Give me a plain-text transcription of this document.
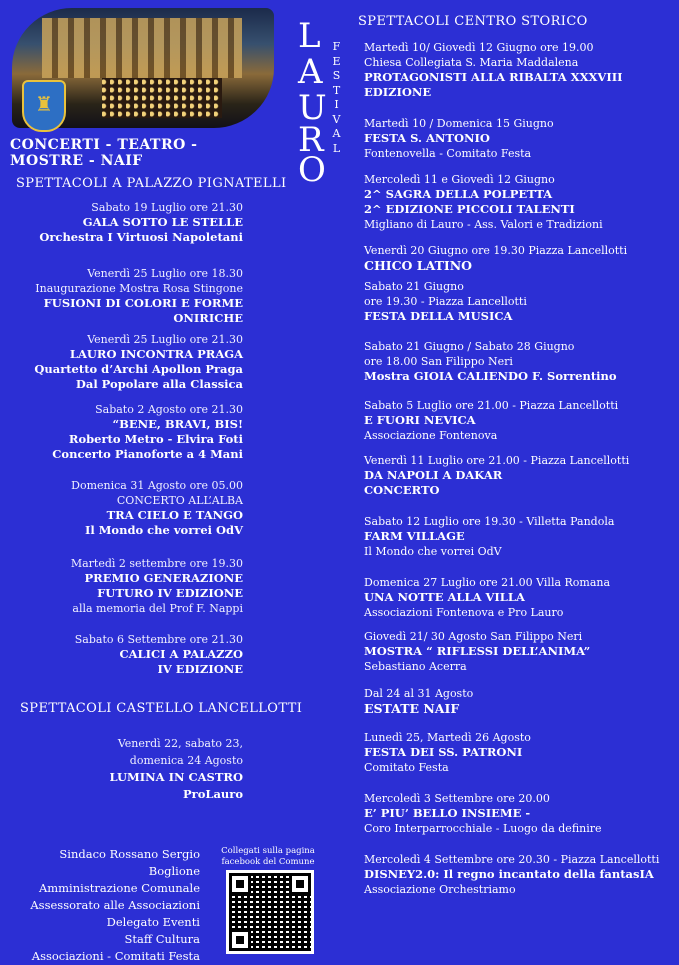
♜
CONCERTI - TEATRO - MOSTRE - NAIF
L
A
U
R
O
F
E
S
T
I
V
A
L
SPETTACOLI A PALAZZO PIGNATELLI
SPETTACOLI CASTELLO LANCELLOTTI
SPETTACOLI CENTRO STORICO
Sabato 19 Luglio ore 21.30
GALA SOTTO LE STELLE
Orchestra I Virtuosi Napoletani
Venerdì 25 Luglio ore 18.30
Inaugurazione Mostra Rosa Stingone
FUSIONI DI COLORI E FORME
ONIRICHE
Venerdì 25 Luglio ore 21.30
LAURO INCONTRA PRAGA
Quartetto d’Archi Apollon Praga
Dal Popolare alla Classica
Sabato 2 Agosto ore 21.30
“BENE, BRAVI, BIS!
Roberto Metro - Elvira Foti
Concerto Pianoforte a 4 Mani
Domenica 31 Agosto ore 05.00
CONCERTO ALL’ALBA
TRA CIELO E TANGO
Il Mondo che vorrei OdV
Martedì 2 settembre ore 19.30
PREMIO GENERAZIONE
FUTURO IV EDIZIONE
alla memoria del Prof F. Nappi
Sabato 6 Settembre ore 21.30
CALICI A PALAZZO
IV EDIZIONE
Venerdì 22, sabato 23,
domenica 24 Agosto
LUMINA IN CASTRO
ProLauro
Martedì 10/ Giovedì 12 Giugno ore 19.00
Chiesa Collegiata S. Maria Maddalena
PROTAGONISTI ALLA RIBALTA XXXVIII
EDIZIONE
Martedì 10 / Domenica 15 Giugno
FESTA S. ANTONIO
Fontenovella - Comitato Festa
Mercoledì 11 e Giovedì 12 Giugno
2^ SAGRA DELLA POLPETTA
2^ EDIZIONE PICCOLI TALENTI
Migliano di Lauro - Ass. Valori e Tradizioni
Venerdì 20 Giugno ore 19.30 Piazza Lancellotti
CHICO LATINO
Sabato 21 Giugno
ore 19.30 - Piazza Lancellotti
FESTA DELLA MUSICA
Sabato 21 Giugno / Sabato 28 Giugno
ore 18.00 San Filippo Neri
Mostra GIOIA CALIENDO F. Sorrentino
Sabato 5 Luglio ore 21.00 - Piazza Lancellotti
E FUORI NEVICA
Associazione Fontenova
Venerdì 11 Luglio ore 21.00 - Piazza Lancellotti
DA NAPOLI A DAKAR
CONCERTO
Sabato 12 Luglio ore 19.30 - Villetta Pandola
FARM VILLAGE
Il Mondo che vorrei OdV
Domenica 27 Luglio ore 21.00 Villa Romana
UNA NOTTE ALLA VILLA
Associazioni Fontenova e Pro Lauro
Giovedì 21/ 30 Agosto San Filippo Neri
MOSTRA “ RIFLESSI DELL’ANIMA”
Sebastiano Acerra
Dal 24 al 31 Agosto
ESTATE NAIF
Lunedì 25, Martedì 26 Agosto
FESTA DEI SS. PATRONI
Comitato Festa
Mercoledì 3 Settembre ore 20.00
E’ PIU’ BELLO INSIEME -
Coro Interparrocchiale - Luogo da definire
Mercoledì 4 Settembre ore 20.30 - Piazza Lancellotti
DISNEY2.0: Il regno incantato della fantasIA
Associazione Orchestriamo
Sindaco Rossano Sergio Boglione
Amministrazione Comunale
Assessorato alle Associazioni
Delegato Eventi
Staff Cultura
Associazioni - Comitati Festa
Collegati sulla pagina
facebook del Comune
